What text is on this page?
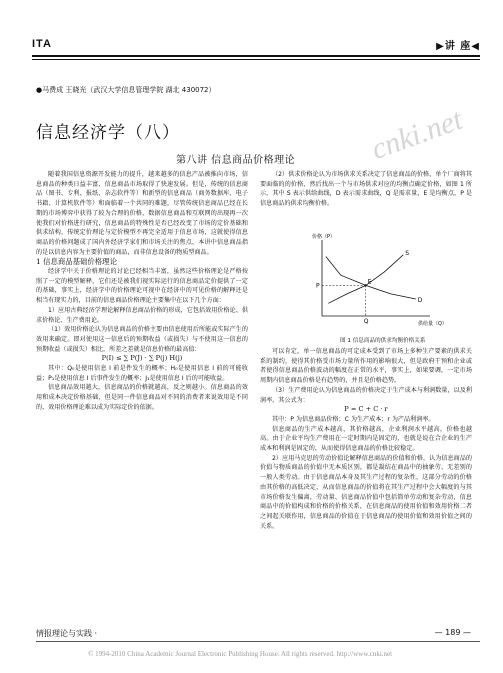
ITA	▶讲 座◀
●马费成 王晓光（武汉大学信息管理学院 湖北 430072）
信息经济学（八）	cnki.net
第八讲 信息商品价格理论

随着我国信息资源开发能力的提升，越来越多的信息产品被推向市场，信息商品的种类日益丰富，信息商品市场取得了快速发展。但是，传统的信息商品（图书、专利、报纸、杂志软件等）和新型的信息商品（商务数据库、电子书籍、计算机软件等）和面临着一个共同的难题，尽管传统信息商品已经在长期的市场博弈中获得了较为合理的价格，数据信息商品和互联网的出现再一次使我们对价格进行研究，信息商品的特殊性是否已经改变了市场的定价基础和供求结构，传统定价理论与定价模型不再完全适用于信息市场，这就使得信息商品的价格问题成了国内外经济学家们和市场关注的焦点，本讲中信息商品指的是以信息内容为主要价值的商品，而非信息设备的物质型商品。

1 信息商品基础价格理论

经济学中关于价格理论的讨论已经相当丰富，虽然这些价格理论是严格按照了一定的模型解释，它们还是被我们视实际运行的信息商品定价提供了一定的基础，事实上，经济学中的价格理论可视中在经济中的可见价格的解释还是相当有现实力的，目前的信息商品价格理论主要集中在以下几个方面：

1）应用古典经济学理论解释信息商品价格的形成，它包括效用价格论、供求价格论、生产费用论。

（1）效用价格论认为信息商品的价格主要由信息使用后所能或实际产生的效用来确定。即对使用这一信息后的预期收益（或损失）与不使用这一信息的预期收益（或损失）相比，所差之差就是信息价格的最高值：

P(I) ≤ ∑ P(J) · ∑ P(j) H(j)

其中：Q₀是使用信息 I 前是件发生的概率；H₀是使用信息 I 前的可能收益；P₁是使用信息 I 后事件发生的概率；J₁是使用信息 I 后的可能收益。

信息商品效用越大，信息商品的价格就越高，反之则越小。信息商品的效用和成本决定价格基础，但是同一件信息商品对不同的消费者来说效用是不同的，效用价格理论难以成为实际定价的依据。

（2）供求价格论认为市场供求关系决定了信息商品的价格，单个厂商将其要面临的的价格，然后找出一个与市场供求对应的均衡点确定价格，如图 1 所示，其中 S 表示供给曲线，D 表示需求曲线，Q 是需求量，E 是均衡点，P 是信息商品的供求均衡价格。

价格（P）
供给量（Q）
S
D
E
P
Q
图 1 信息商品的供求均衡价格关系

可以肯定，单一信息商品的可定成本受到了市场上多种生产要素的供求关系的制约，使得其价格受市场力量所作用的影响很大，但是政府干预和企业或者使得信息商品价格波动的幅度在正常的水平，事实上，如果要调，一定市场周期内信息商品价格是有趋势的，并且是价格趋势。

（3）生产费用论认为信息商品的价格决定于生产成本与利润数量，以及利润率，其公式为：

P = C + C · r

其中：P 为信息商品价格；C 为生产成本；r 为产品利润率。

信息商品的生产成本越高，其价格越高，企业利润水平越高，价格也越高。由于企业平均生产费用在一定时期内是固定的，也就是说在合企业的生产成本和利润是固定的，从而使得信息商品的价格比较稳定。

2）应用马克思的劳动价值论解释信息商品的价值和价格，认为信息商品的价值与物质商品的价值中无本质区别，都是凝结在商品中的抽象劳、无差别的一般人类劳动。由于信息商品本身及其生产过程的复杂性，这部分劳动的价格由其价格的高低决定，从而信息商品的价值将在其生产过程中会大幅度的与其市场价格发生偏离，劳动量、信息商品价值中包括简单劳动和复杂劳动，信息商品中的价值构成和价格的价格关系，在信息商品的使用价值和效用价格二者之间起关联作用，信息商品的价值在于信息商品的使用价值和效用价值之间的关系。

情报理论与实践 ·	— 189 —
© 1994-2010 China Academic Journal Electronic Publishing House. All rights reserved. http://www.cnki.net
